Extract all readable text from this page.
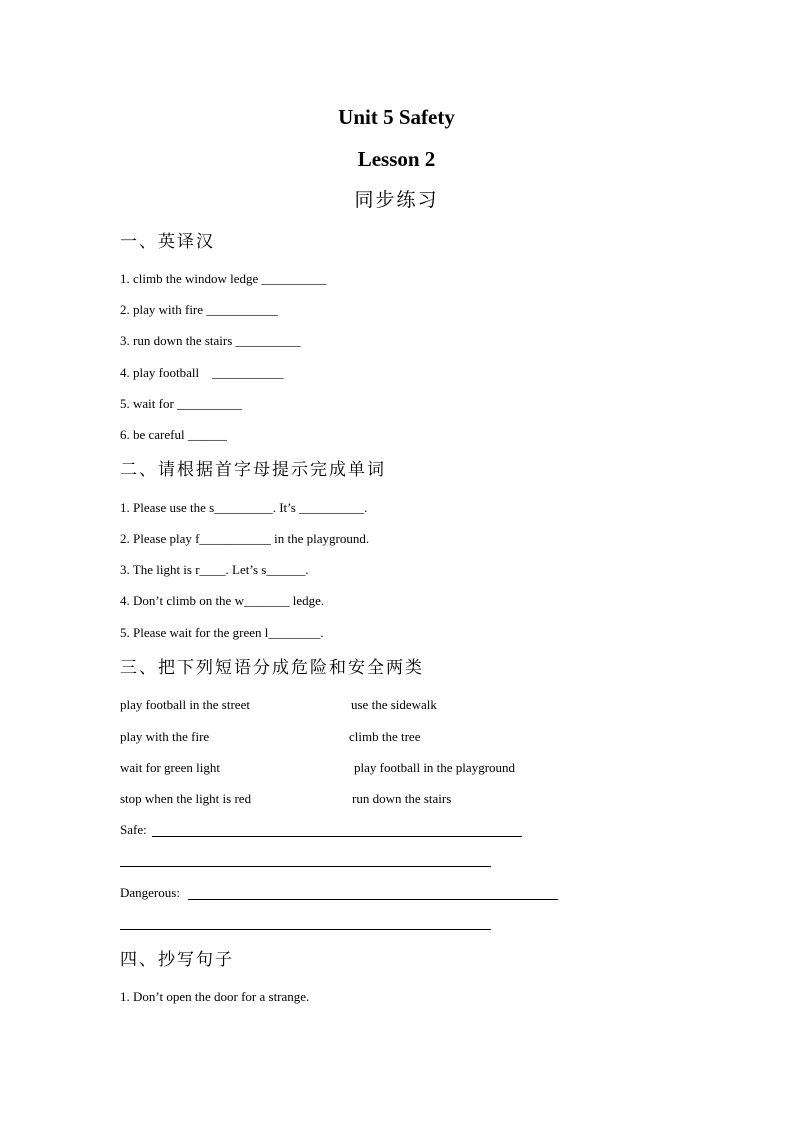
Unit 5 Safety
Lesson 2
同步练习
一、英译汉
1. climb the window ledge __________
2. play with fire ___________
3. run down the stairs __________
4. play football    ___________
5. wait for __________
6. be careful ______
二、请根据首字母提示完成单词
1. Please use the s_________. It’s __________.
2. Please play f___________ in the playground.
3. The light is r____. Let’s s______.
4. Don’t climb on the w_______ ledge.
5. Please wait for the green l________.
三、把下列短语分成危险和安全两类
play football in the street	use the sidewalk
play with the fire	climb the tree
wait for green light	play football in the playground
stop when the light is red	run down the stairs
Safe:
Dangerous:
四、抄写句子
1. Don’t open the door for a strange.
